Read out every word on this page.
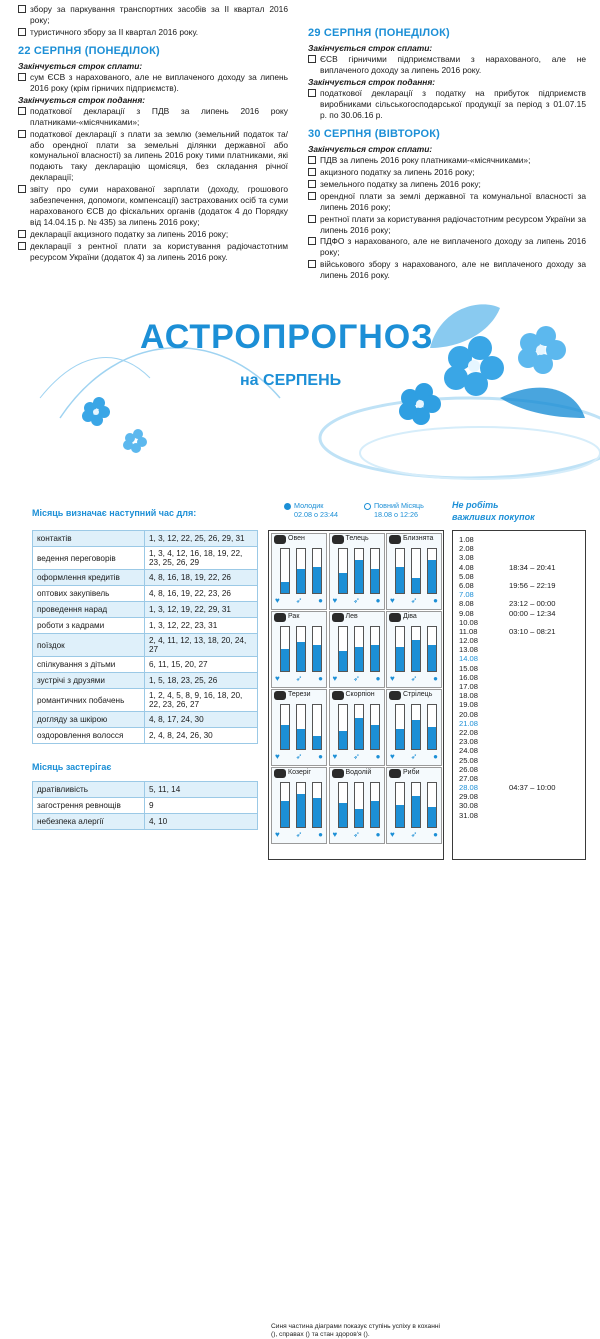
збору за паркування транспортних засобів за ІІ квартал 2016 року;
туристичного збору за ІІ квартал 2016 року.
22 СЕРПНЯ (ПОНЕДІЛОК)
Закінчується строк сплати:
сум ЄСВ з нарахованого, але не виплаченого доходу за липень 2016 року (крім гірничих підприємств).
Закінчується строк подання:
податкової декларації з ПДВ за липень 2016 року платниками-«місячниками»;
податкової декларації з плати за землю (земельний податок та/або орендної плати за земельні ділянки державної або комунальної власності) за липень 2016 року тими платниками, які подають таку декларацію щомісяця, без складання річної декларації;
звіту про суми нарахованої зарплати (доходу, грошового забезпечення, допомоги, компенсації) застрахованих осіб та суми нарахованого ЄСВ до фіскальних органів (додаток 4 до Порядку від 14.04.15 р. № 435) за липень 2016 року;
декларації акцизного податку за липень 2016 року;
декларації з рентної плати за користування радіочастотним ресурсом України (додаток 4) за липень 2016 року.
29 СЕРПНЯ (ПОНЕДІЛОК)
Закінчується строк сплати:
ЄСВ гірничими підприємствами з нарахованого, але не виплаченого доходу за липень 2016 року.
Закінчується строк подання:
податкової декларації з податку на прибуток підприємств виробниками сільськогосподарської продукції за період з 01.07.15 р. по 30.06.16 р.
30 СЕРПНЯ (ВІВТОРОК)
Закінчується строк сплати:
ПДВ за липень 2016 року платниками-«місячниками»;
акцизного податку за липень 2016 року;
земельного податку за липень 2016 року;
орендної плати за землі державної та комунальної власності за липень 2016 року;
рентної плати за користування радіочастотним ресурсом України за липень 2016 року;
ПДФО з нарахованого, але не виплаченого доходу за липень 2016 року;
військового збору з нарахованого, але не виплаченого доходу за липень 2016 року.
АСТРОПРОГНОЗ
на СЕРПЕНЬ
Місяць визначає наступний час для:
контактів	1, 3, 12, 22, 25, 26, 29, 31
ведення переговорів	1, 3, 4, 12, 16, 18, 19, 22, 23, 25, 26, 29
оформлення кредитів	4, 8, 16, 18, 19, 22, 26
оптових закупівель	4, 8, 16, 19, 22, 23, 26
проведення нарад	1, 3, 12, 19, 22, 29, 31
роботи з кадрами	1, 3, 12, 22, 23, 31
поїздок	2, 4, 11, 12, 13, 18, 20, 24, 27
спілкування з дітьми	6, 11, 15, 20, 27
зустрічі з друзями	1, 5, 18, 23, 25, 26
романтичних побачень	1, 2, 4, 5, 8, 9, 16, 18, 20, 22, 23, 26, 27
догляду за шкірою	4, 8, 17, 24, 30
оздоровлення волосся	2, 4, 8, 24, 26, 30
Місяць застерігає
дратівливість	5, 11, 14
загострення ревнощів	9
небезпека алергії	4, 10
Молодик
02.08 о 23:44
Повний Місяць
18.08 о 12:26
Риби
♥ ➶ ●
Водолій
♥ ➶ ●
Козеріг
♥ ➶ ●
Стрілець
♥ ➶ ●
Скорпіон
♥ ➶ ●
Терези
♥ ➶ ●
Діва
♥ ➶ ●
Лев
♥ ➶ ●
Рак
♥ ➶ ●
Близнята
♥ ➶ ●
Телець
♥ ➶ ●
Овен
♥ ➶ ●
Синя частина діаграми показує ступінь успіху в коханні (), справах () та стан здоров'я ().
Не робіть
важливих покупок
1.08
2.08
3.08
4.08	18:34 – 20:41
5.08
6.08	19:56 – 22:19
7.08
8.08	23:12 – 00:00
9.08	00:00 – 12:34
10.08
11.08	03:10 – 08:21
12.08
13.08
14.08
15.08
16.08
17.08
18.08
19.08
20.08
21.08
22.08
23.08
24.08
25.08
26.08
27.08
28.08	04:37 – 10:00
29.08
30.08
31.08
